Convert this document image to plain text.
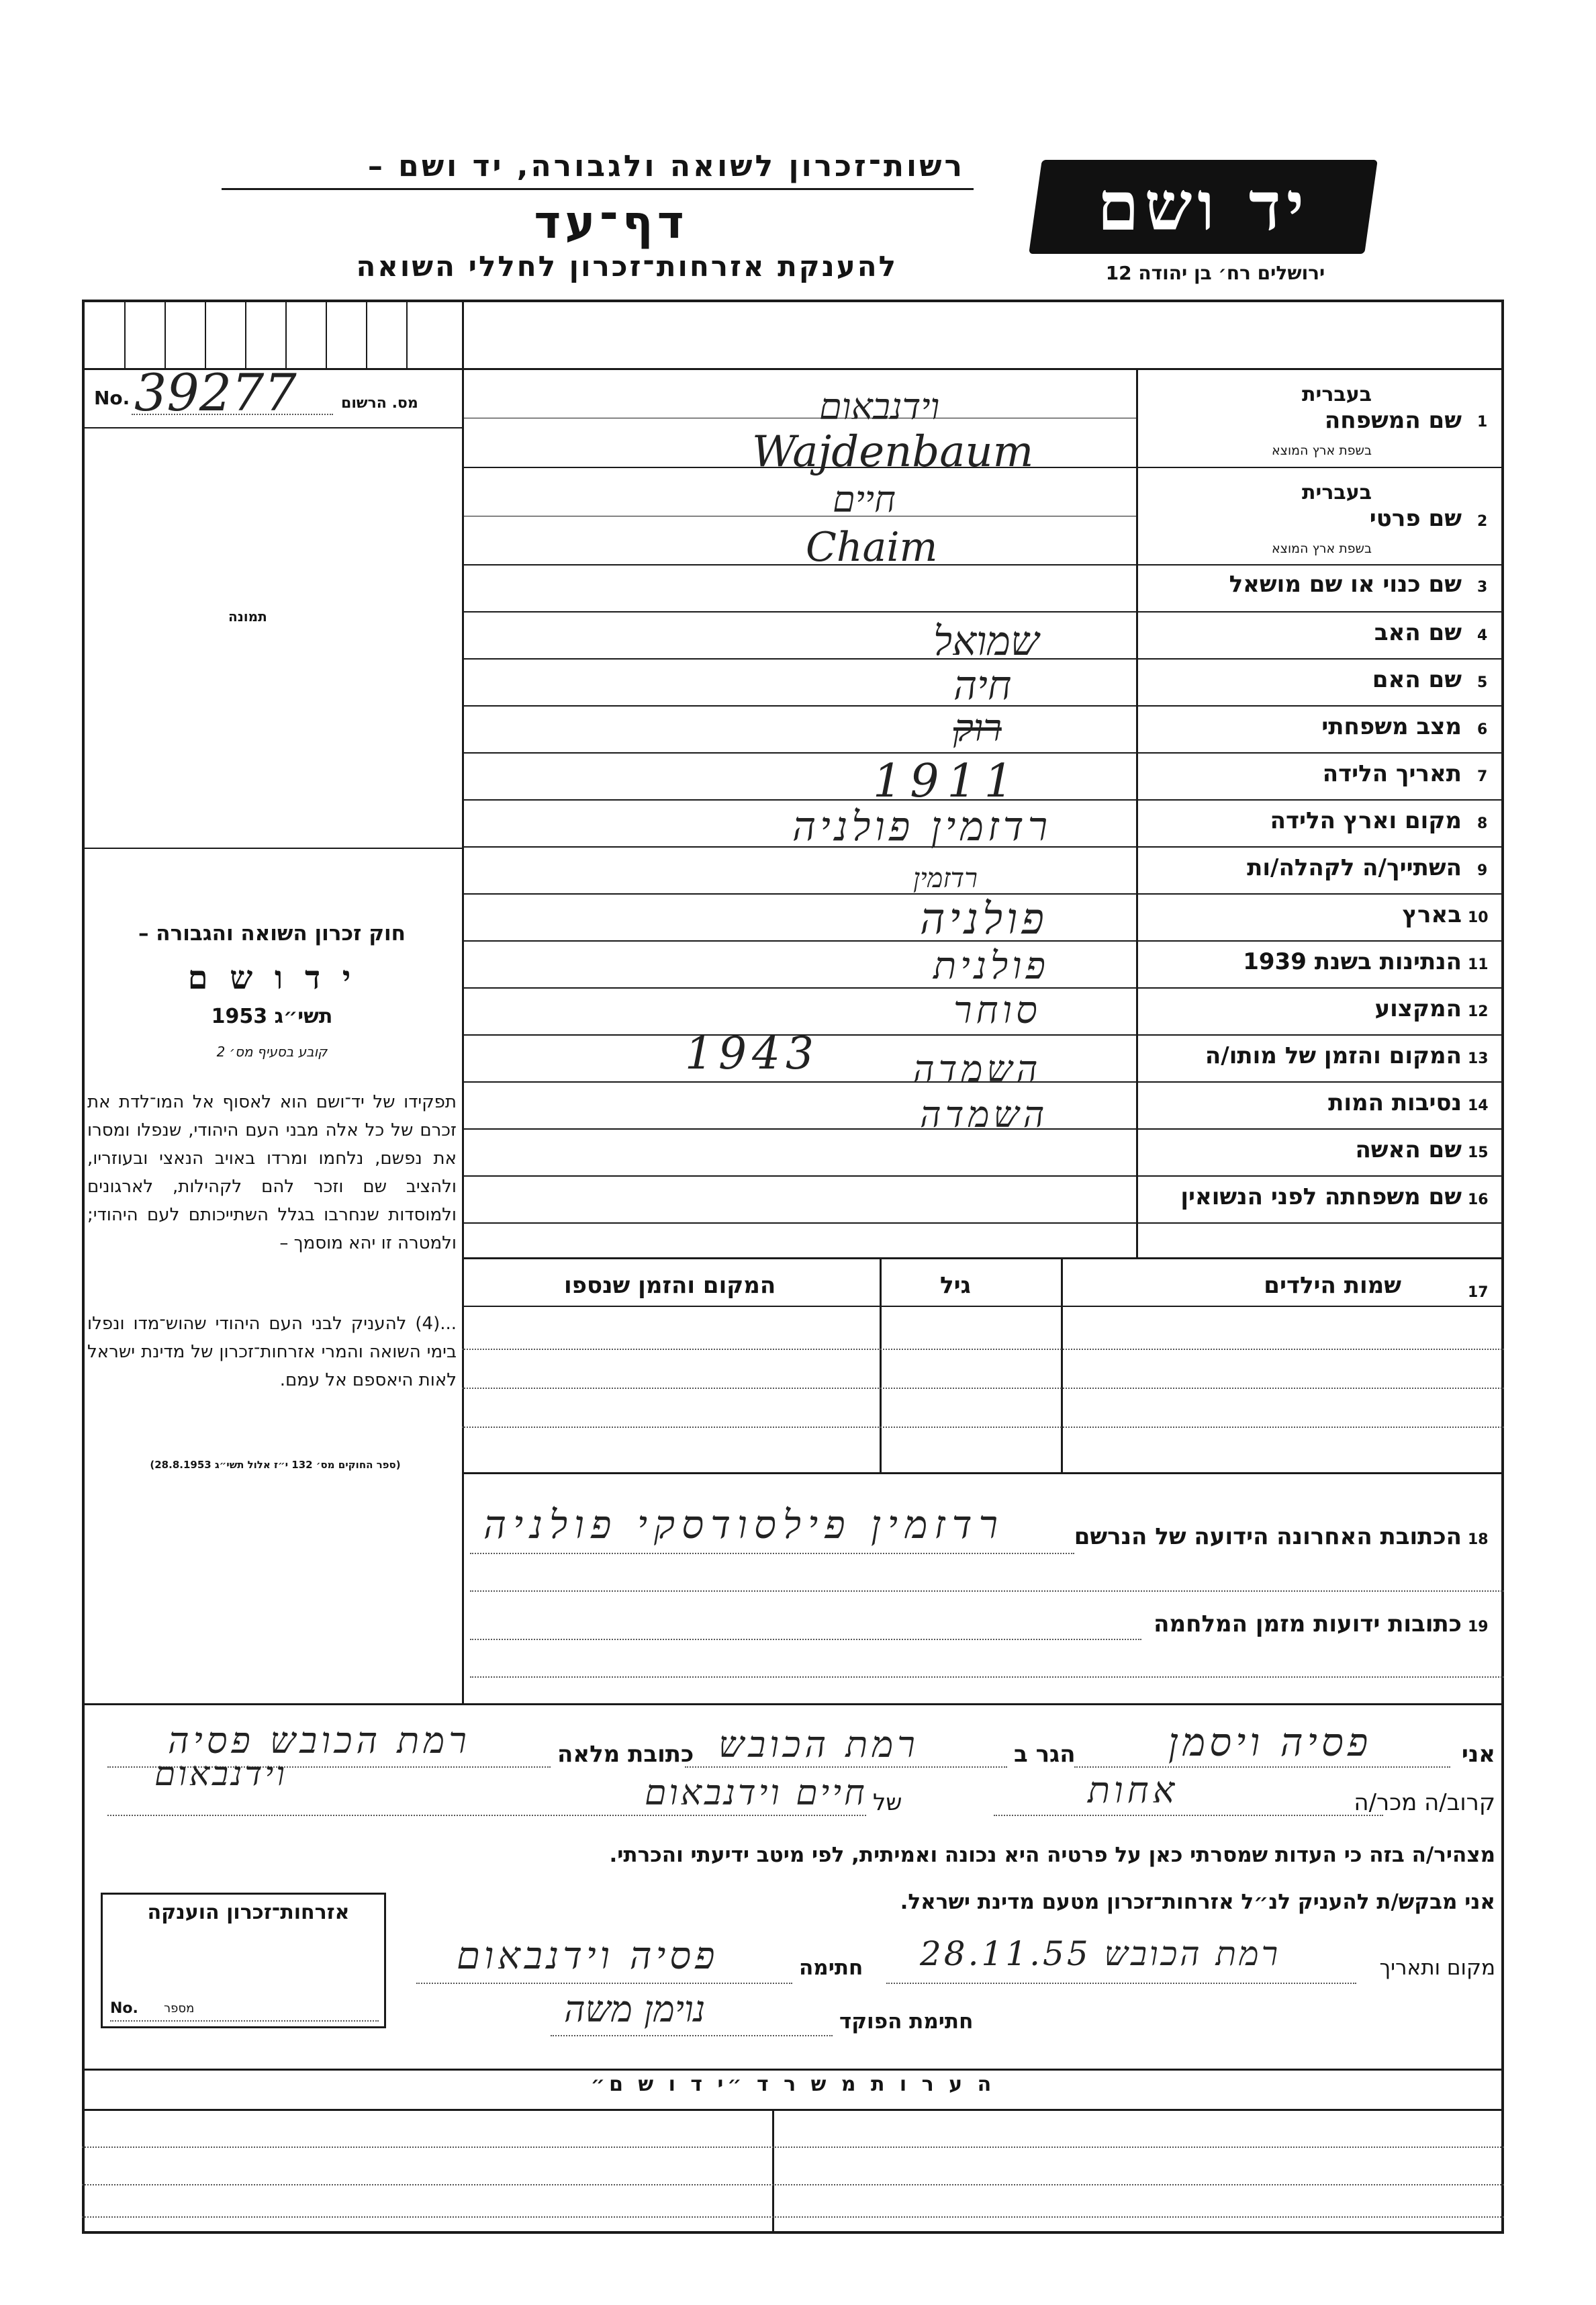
רשות־זכרון לשואה ולגבורה, יד ושם –
דף־עד
להענקת אזרחות־זכרון לחללי השואה
יד ושם
ירושלים רח׳ בן יהודה 12
No. 39277	מס. הרשום
תמונה
חוק זכרון השואה והגבורה –
י ד ו ש ם
תשי״ג 1953
קובע בסעיף מס׳ 2
תפקידו של יד־ושם הוא לאסוף אל המו־לדת את זכרם של כל אלה מבני העם היהודי, שנפלו ומסרו את נפשם, נלחמו ומרדו באויב הנאצי ובעוזריו, ולהציב שם וזכר להם לקהילות, לארגונים ולמוסדות שנחרבו בגלל השתייכותם לעם היהודי; ולמטרה זו יהא מוסמך –
...(4) להעניק לבני העם היהודי שהוש־מדו ונפלו בימי השואה והמרי אזרחות־זכרון של מדינת ישראל לאות היאספם אל עמם.
(ספר החוקים מס׳ 132 י״ז אלול תשי״ג 28.8.1953)
1
שם המשפחה
בעברית
בשפת ארץ המוצא
וידנבאום
Wajdenbaum
2
שם פרטי
בעברית
בשפת ארץ המוצא
חיים
Chaim
3
שם כנוי או שם מושאל
4
שם האב
שמואל
5
שם האם
חיה
6
מצב משפחתי
רוק
7
תאריך הלידה
1911
8
מקום וארץ הלידה
רדזמין פולניה
9
השתייך/ה לקהלה/ות
רדזמין
10
בארץ
פולניה
11
הנתינות בשנת 1939
פולנית
12
המקצוע
סוחר
13
המקום והזמן של מותו/ה
השמדה
1943
14
נסיבות המות
השמדה
15
שם האשה
16
שם משפחתה לפני הנשואין
17
שמות הילדים
גיל
המקום והזמן שנספו
18
הכתובת האחרונה הידועה של הנרשם
רדזמין פילסודסקי פולניה
19
כתובות ידועות מזמן המלחמה
אני
פסיה ויסמן
הגר ב
רמת הכובש
כתובת מלאה
רמת הכובש פסיה
קרוב/ה מכר/ה
אחות
של
חיים וידנבאום
וידנבאום
מצהיר/ה בזה כי העדות שמסרתי כאן על פרטיה היא נכונה ואמיתית, לפי מיטב ידיעתי והכרתי.
אני מבקש/ת להעניק לנ״ל אזרחות־זכרון מטעם מדינת ישראל.
מקום ותאריך
רמת הכובש 28.11.55
חתימה
פסיה וידנבאום
חתימת הפוקד
נוימן משה
אזרחות־זכרון הוענקה
No. מספר
ה ע ר ו ת מ ש ר ד ״י ד ו ש ם״
